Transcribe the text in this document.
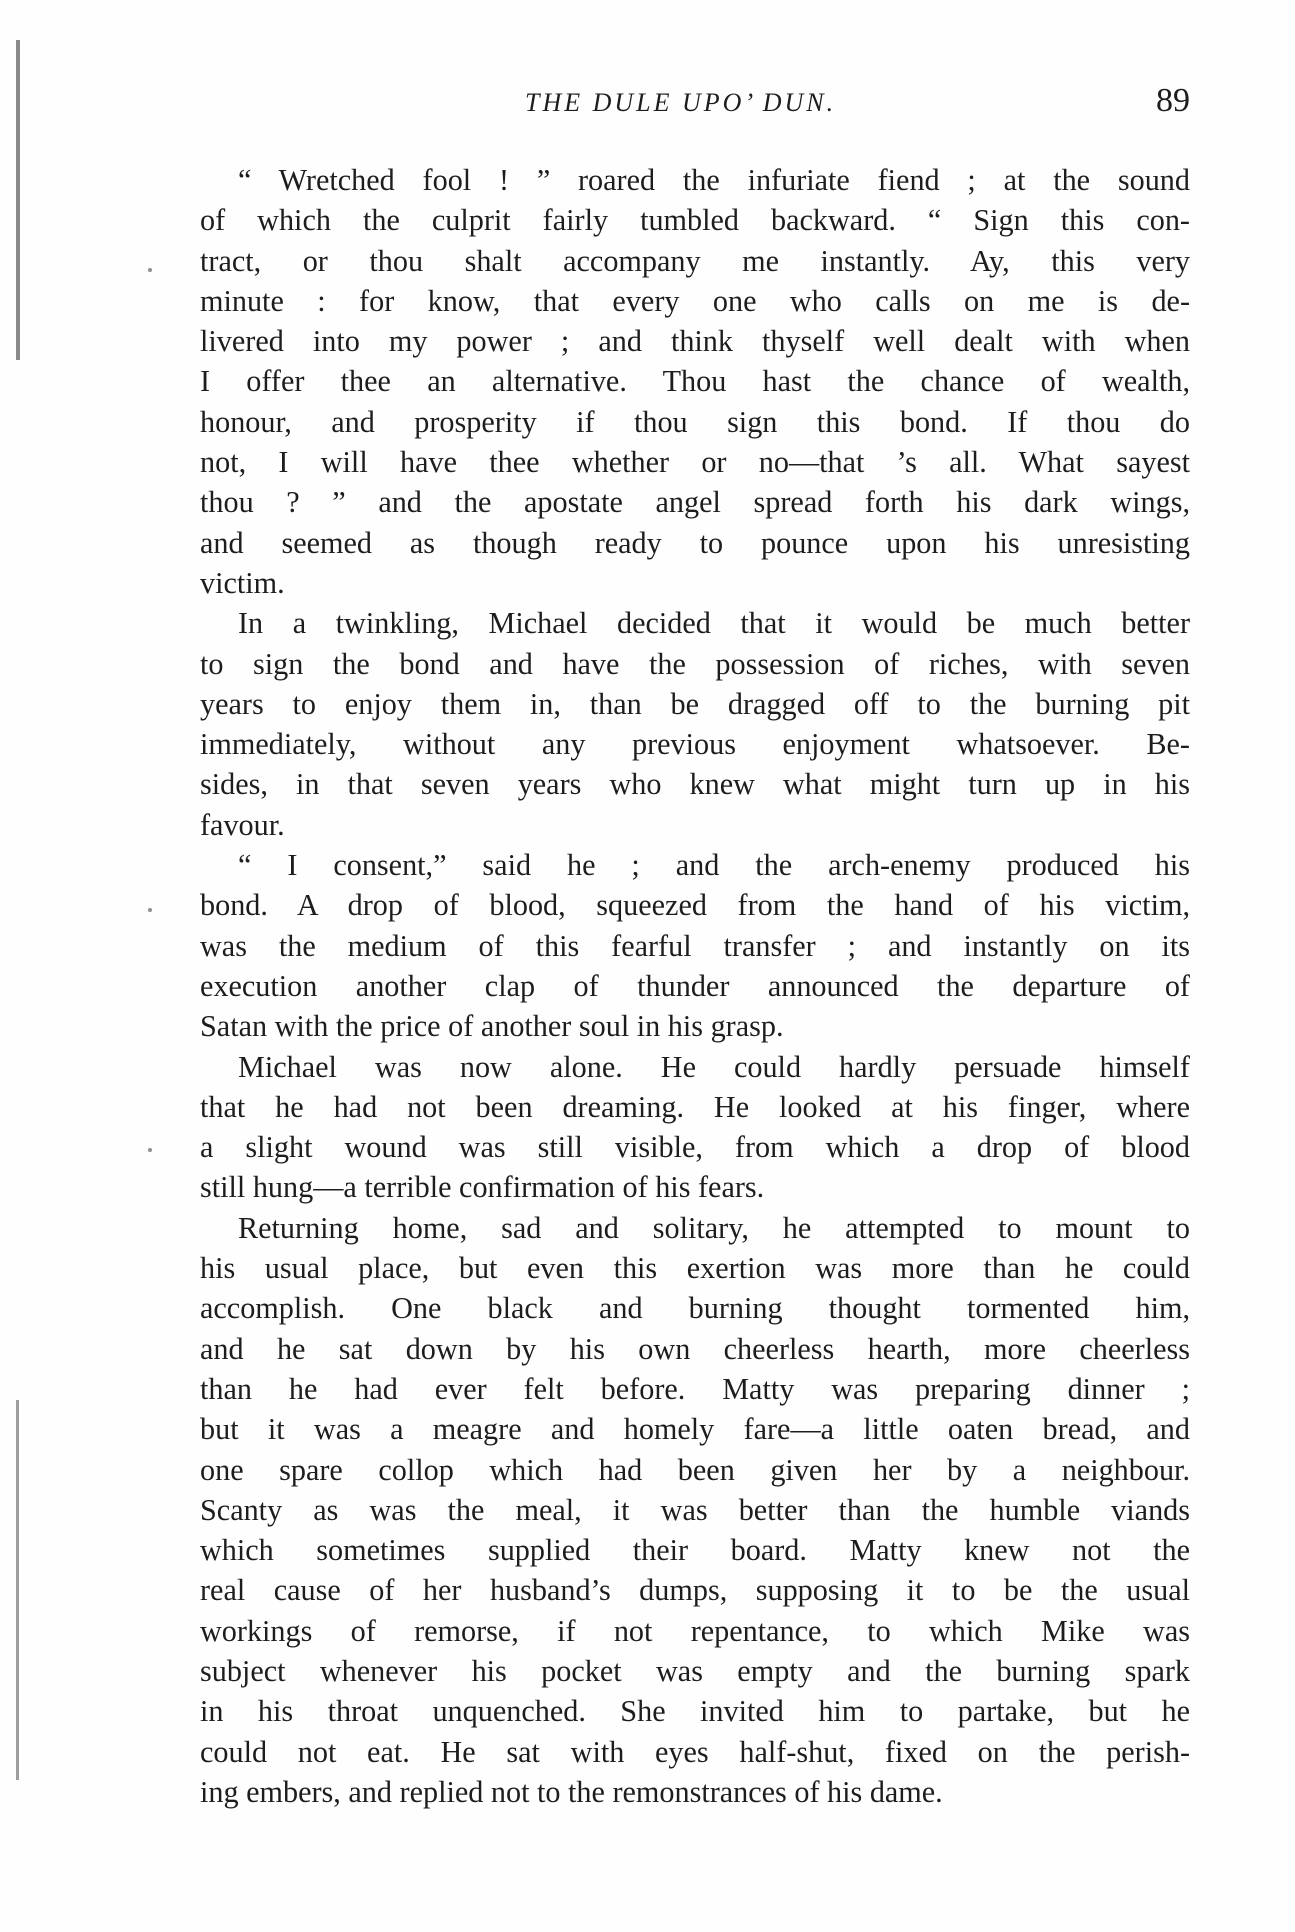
THE DULE UPO’ DUN.	89
“ Wretched fool ! ” roared the infuriate fiend ; at the sound
of which the culprit fairly tumbled backward. “ Sign this con-
tract, or thou shalt accompany me instantly. Ay, this very
minute : for know, that every one who calls on me is de-
livered into my power ; and think thyself well dealt with when
I offer thee an alternative. Thou hast the chance of wealth,
honour, and prosperity if thou sign this bond. If thou do
not, I will have thee whether or no—that ’s all. What sayest
thou ? ” and the apostate angel spread forth his dark wings,
and seemed as though ready to pounce upon his unresisting
victim.
In a twinkling, Michael decided that it would be much better
to sign the bond and have the possession of riches, with seven
years to enjoy them in, than be dragged off to the burning pit
immediately, without any previous enjoyment whatsoever. Be-
sides, in that seven years who knew what might turn up in his
favour.
“ I consent,” said he ; and the arch-enemy produced his
bond. A drop of blood, squeezed from the hand of his victim,
was the medium of this fearful transfer ; and instantly on its
execution another clap of thunder announced the departure of
Satan with the price of another soul in his grasp.
Michael was now alone. He could hardly persuade himself
that he had not been dreaming. He looked at his finger, where
a slight wound was still visible, from which a drop of blood
still hung—a terrible confirmation of his fears.
Returning home, sad and solitary, he attempted to mount to
his usual place, but even this exertion was more than he could
accomplish. One black and burning thought tormented him,
and he sat down by his own cheerless hearth, more cheerless
than he had ever felt before. Matty was preparing dinner ;
but it was a meagre and homely fare—a little oaten bread, and
one spare collop which had been given her by a neighbour.
Scanty as was the meal, it was better than the humble viands
which sometimes supplied their board. Matty knew not the
real cause of her husband’s dumps, supposing it to be the usual
workings of remorse, if not repentance, to which Mike was
subject whenever his pocket was empty and the burning spark
in his throat unquenched. She invited him to partake, but he
could not eat. He sat with eyes half-shut, fixed on the perish-
ing embers, and replied not to the remonstrances of his dame.
